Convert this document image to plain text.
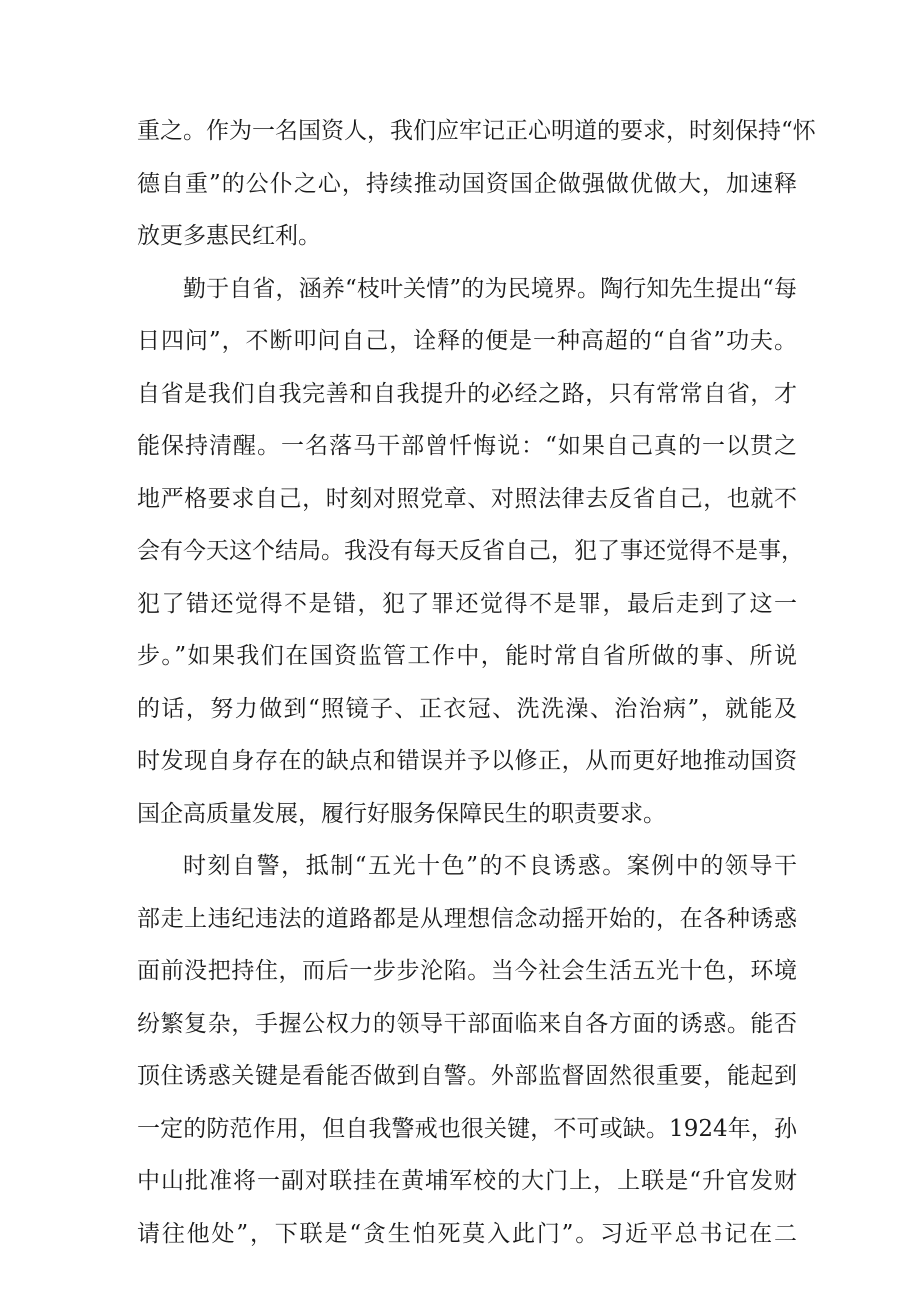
重之。作为一名国资人，我们应牢记正心明道的要求，时刻保持“怀
德自重”的公仆之心，持续推动国资国企做强做优做大，加速释
放更多惠民红利。
勤于自省，涵养“枝叶关情”的为民境界。陶行知先生提出“每
日四问”，不断叩问自己，诠释的便是一种高超的“自省”功夫。
自省是我们自我完善和自我提升的必经之路，只有常常自省，才
能保持清醒。一名落马干部曾忏悔说：“如果自己真的一以贯之
地严格要求自己，时刻对照党章、对照法律去反省自己，也就不
会有今天这个结局。我没有每天反省自己，犯了事还觉得不是事，
犯了错还觉得不是错，犯了罪还觉得不是罪，最后走到了这一
步。”如果我们在国资监管工作中，能时常自省所做的事、所说
的话，努力做到“照镜子、正衣冠、洗洗澡、治治病”，就能及
时发现自身存在的缺点和错误并予以修正，从而更好地推动国资
国企高质量发展，履行好服务保障民生的职责要求。
时刻自警，抵制“五光十色”的不良诱惑。案例中的领导干
部走上违纪违法的道路都是从理想信念动摇开始的，在各种诱惑
面前没把持住，而后一步步沦陷。当今社会生活五光十色，环境
纷繁复杂，手握公权力的领导干部面临来自各方面的诱惑。能否
顶住诱惑关键是看能否做到自警。外部监督固然很重要，能起到
一定的防范作用，但自我警戒也很关键，不可或缺。1924年，孙
中山批准将一副对联挂在黄埔军校的大门上，上联是“升官发财
请往他处”，下联是“贪生怕死莫入此门”。习近平总书记在二
